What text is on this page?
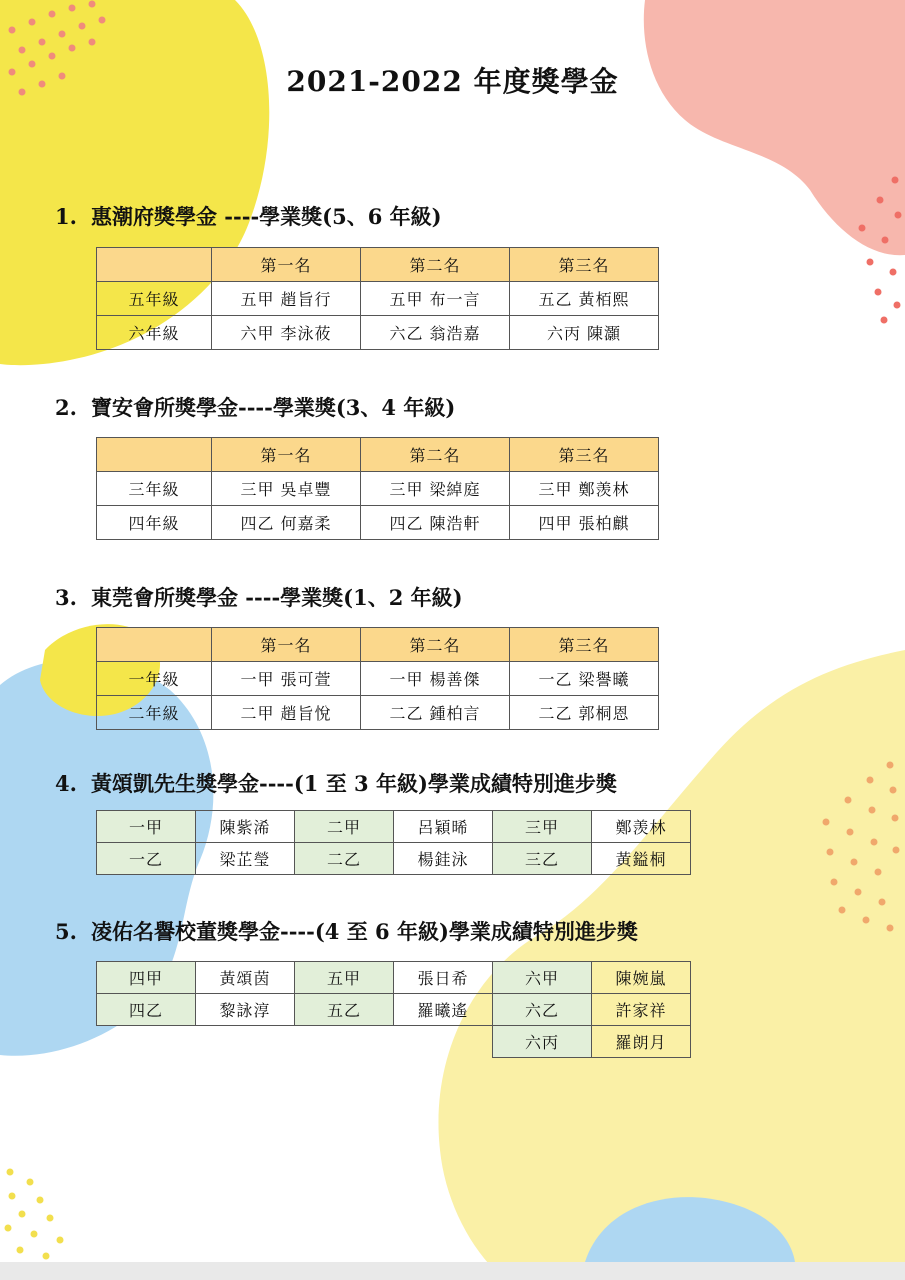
2021-2022 年度獎學金
1. 惠潮府獎學金 ----學業獎(5、6 年級)
	第一名	第二名	第三名
五年級	五甲 趙旨行	五甲 布一言	五乙 黃栢熙
六年級	六甲 李泳莜	六乙 翁浩嘉	六丙 陳灝
2. 寶安會所獎學金----學業獎(3、4 年級)
	第一名	第二名	第三名
三年級	三甲 吳卓豐	三甲 梁綽庭	三甲 鄭羡林
四年級	四乙 何嘉柔	四乙 陳浩軒	四甲 張柏麒
3. 東莞會所獎學金 ----學業獎(1、2 年級)
	第一名	第二名	第三名
一年級	一甲 張可萱	一甲 楊善傑	一乙 梁譽曦
二年級	二甲 趙旨悅	二乙 鍾柏言	二乙 郭桐恩
4. 黃頌凱先生獎學金----(1 至 3 年級)學業成績特別進步獎
一甲	陳紫浠	二甲	呂穎晞	三甲	鄭羡林
一乙	梁芷瑩	二乙	楊銈泳	三乙	黃鎰桐
5. 凌佑名譽校董獎學金----(4 至 6 年級)學業成績特別進步獎
四甲	黃頌茵	五甲	張日希	六甲	陳婉嵐
四乙	黎詠淳	五乙	羅曦遙	六乙	許家祥
				六丙	羅朗月
